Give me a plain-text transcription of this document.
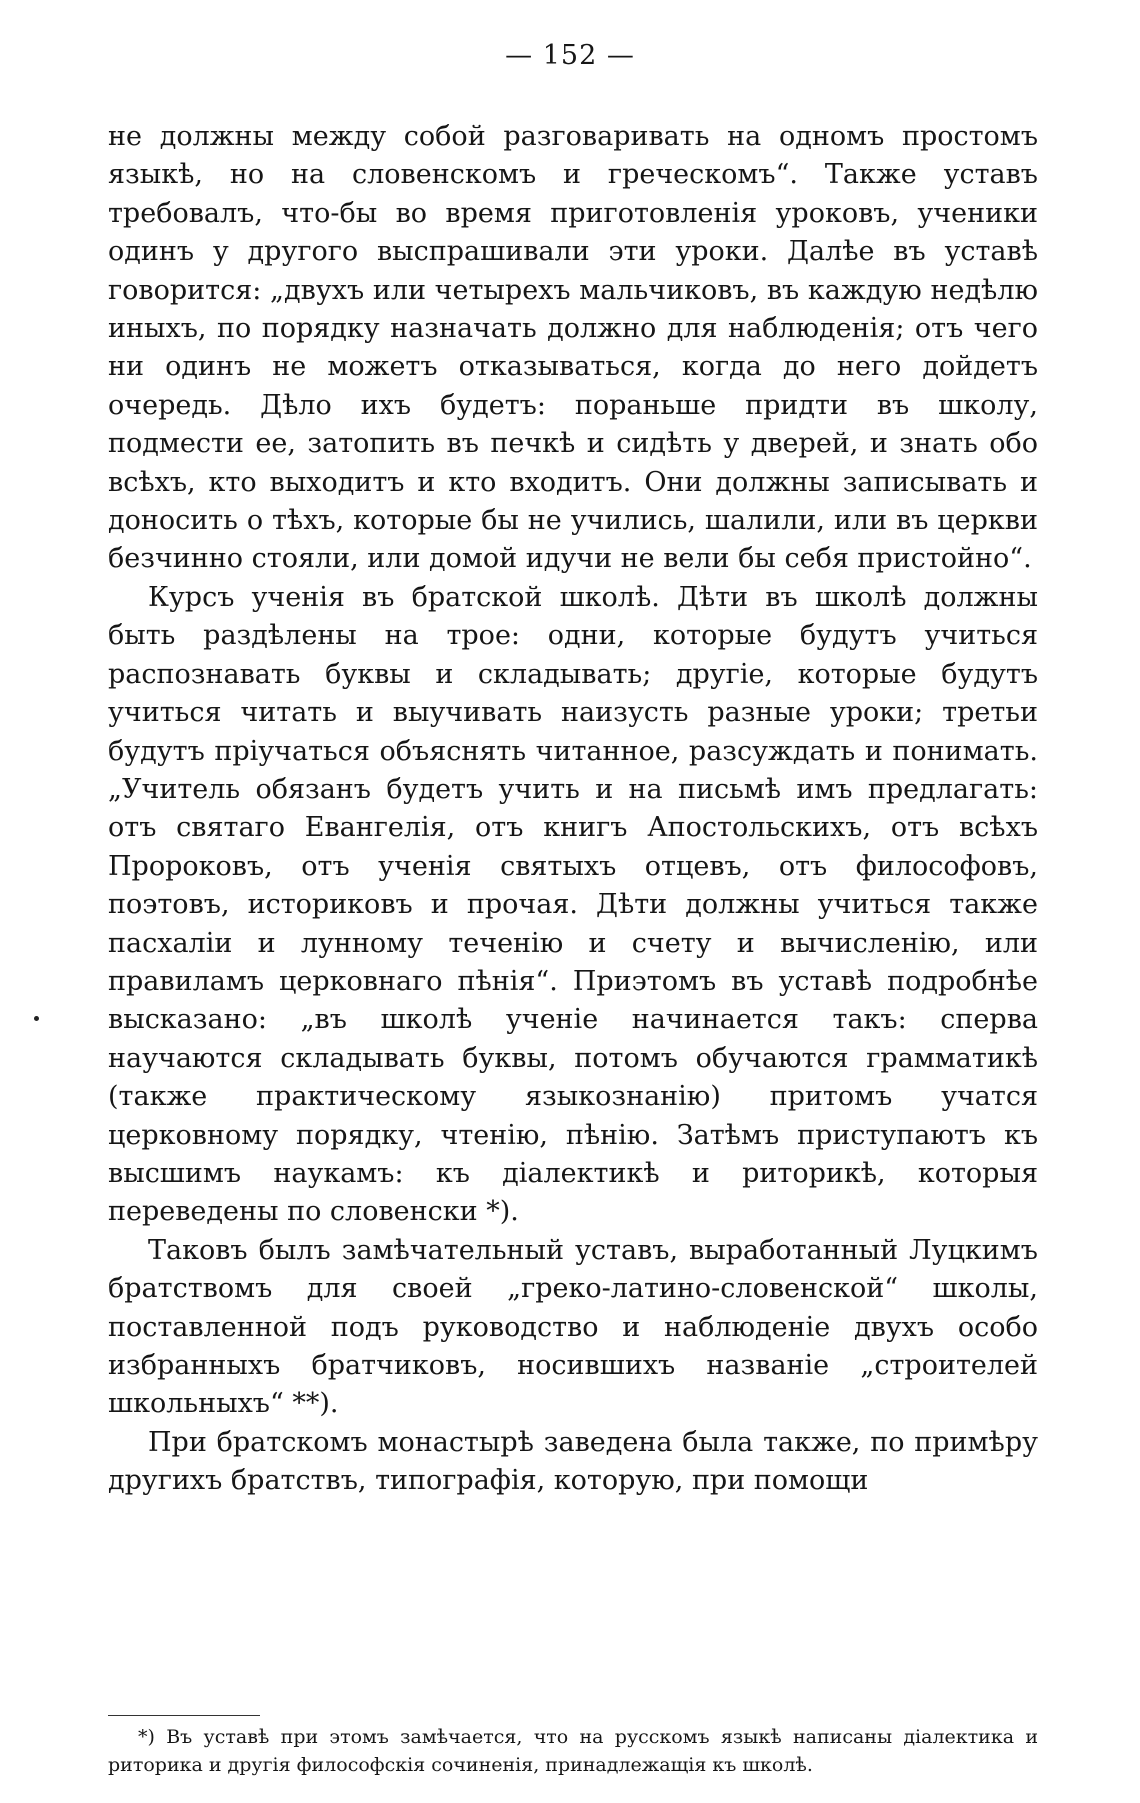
— 152 —

не должны между собой разговаривать на одномъ простомъ языкѣ, но на словенскомъ и греческомъ“. Также уставъ требовалъ, что-бы во время приготовленія уроковъ, ученики одинъ у другого выспрашивали эти уроки. Далѣе въ уставѣ говорится: „двухъ или четырехъ мальчиковъ, въ каждую недѣлю иныхъ, по порядку назначать должно для наблюденія; отъ чего ни одинъ не можетъ отказываться, когда до него дойдетъ очередь. Дѣло ихъ будетъ: пораньше придти въ школу, подмести ее, затопить въ печкѣ и сидѣть у дверей, и знать обо всѣхъ, кто выходитъ и кто входитъ. Они должны записывать и доносить о тѣхъ, которые бы не учились, шалили, или въ церкви безчинно стояли, или домой идучи не вели бы себя пристойно“.

Курсъ ученія въ братской школѣ. Дѣти въ школѣ должны быть раздѣлены на трое: одни, которые будутъ учиться распознавать буквы и складывать; другіе, которые будутъ учиться читать и выучивать наизусть разные уроки; третьи будутъ пріучаться объяснять читанное, разсуждать и понимать. „Учитель обязанъ будетъ учить и на письмѣ имъ предлагать: отъ святаго Евангелія, отъ книгъ Апостольскихъ, отъ всѣхъ Пророковъ, отъ ученія святыхъ отцевъ, отъ философовъ, поэтовъ, историковъ и прочая. Дѣти должны учиться также пасхаліи и лунному теченію и счету и вычисленію, или правиламъ церковнаго пѣнія“. Приэтомъ въ уставѣ подробнѣе высказано: „въ школѣ ученіе начинается такъ: сперва научаются складывать буквы, потомъ обучаются грамматикѣ (также практическому языкознанію) притомъ учатся церковному порядку, чтенію, пѣнію. Затѣмъ приступаютъ къ высшимъ наукамъ: къ діалектикѣ и риторикѣ, которыя переведены по словенски *).

Таковъ былъ замѣчательный уставъ, выработанный Луцкимъ братствомъ для своей „греко-латино-словенской“ школы, поставленной подъ руководство и наблюденіе двухъ особо избранныхъ братчиковъ, носившихъ названіе „строителей школьныхъ“ **).

При братскомъ монастырѣ заведена была также, по примѣру другихъ братствъ, типографія, которую, при помощи

*) Въ уставѣ при этомъ замѣчается, что на русскомъ языкѣ написаны діалектика и риторика и другія философскія сочиненія, принадлежащія къ школѣ.
